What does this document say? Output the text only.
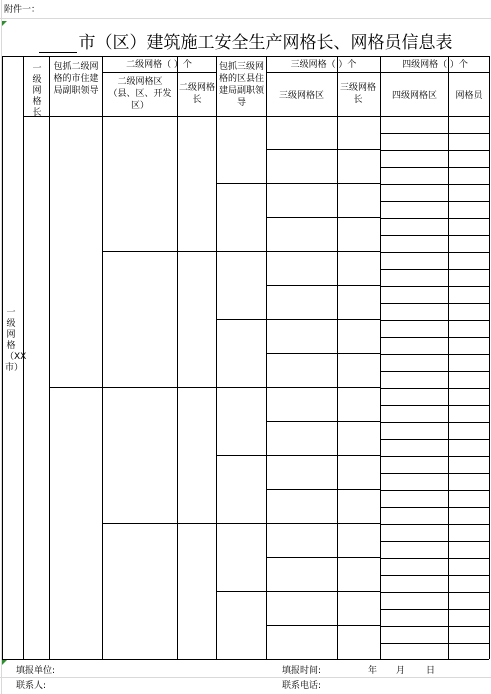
附件一：
市（区）建筑施工安全生产网格长、网格员信息表
一级网格长
包抓二级网格的市住建局副职领导
二级网格（ ）个
二级网格区（县、区、开发区）
二级网格长
包抓三级网格的区县住建局副职领导
三级网格（ ）个
三级网格区
三级网格长
四级网格（ ）个
四级网格区	网格员
一级网格（XX市）
填报单位:
联系人:
填报时间:	年 月 日
联系电话:
